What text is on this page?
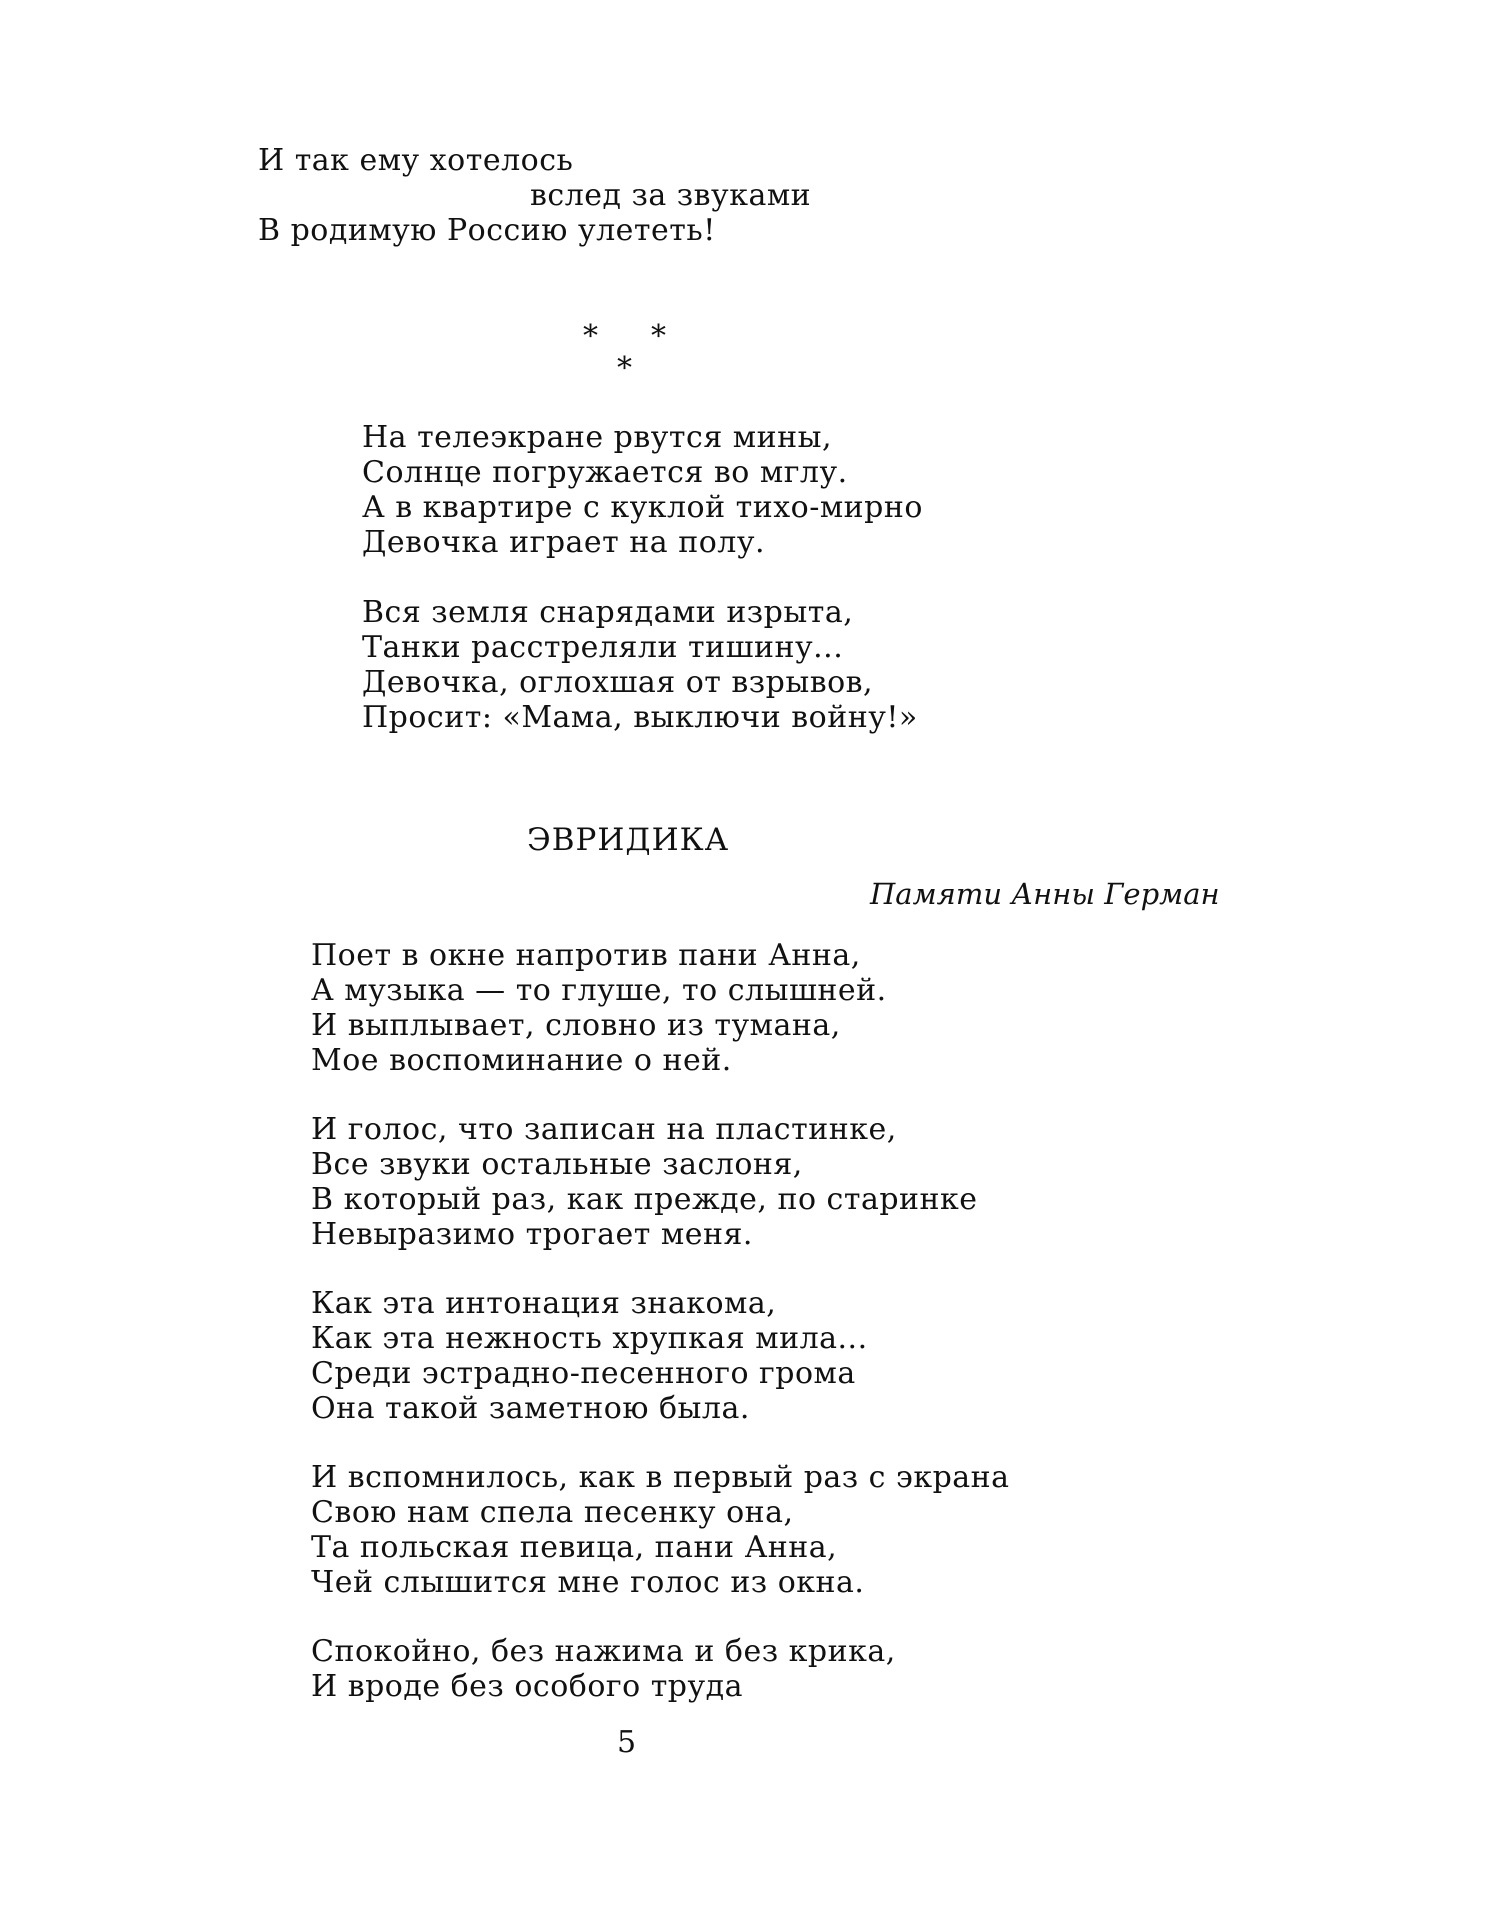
И так ему хотелось
вслед за звуками
В родимую Россию улететь!
* *
*
На телеэкране рвутся мины,
Солнце погружается во мглу.
А в квартире с куклой тихо-мирно
Девочка играет на полу.
Вся земля снарядами изрыта,
Танки расстреляли тишину...
Девочка, оглохшая от взрывов,
Просит: «Мама, выключи войну!»
ЭВРИДИКА
Памяти Анны Герман
Поет в окне напротив пани Анна,
А музыка — то глуше, то слышней.
И выплывает, словно из тумана,
Мое воспоминание о ней.
И голос, что записан на пластинке,
Все звуки остальные заслоня,
В который раз, как прежде, по старинке
Невыразимо трогает меня.
Как эта интонация знакома,
Как эта нежность хрупкая мила...
Среди эстрадно-песенного грома
Она такой заметною была.
И вспомнилось, как в первый раз с экрана
Свою нам спела песенку она,
Та польская певица, пани Анна,
Чей слышится мне голос из окна.
Спокойно, без нажима и без крика,
И вроде без особого труда
5
